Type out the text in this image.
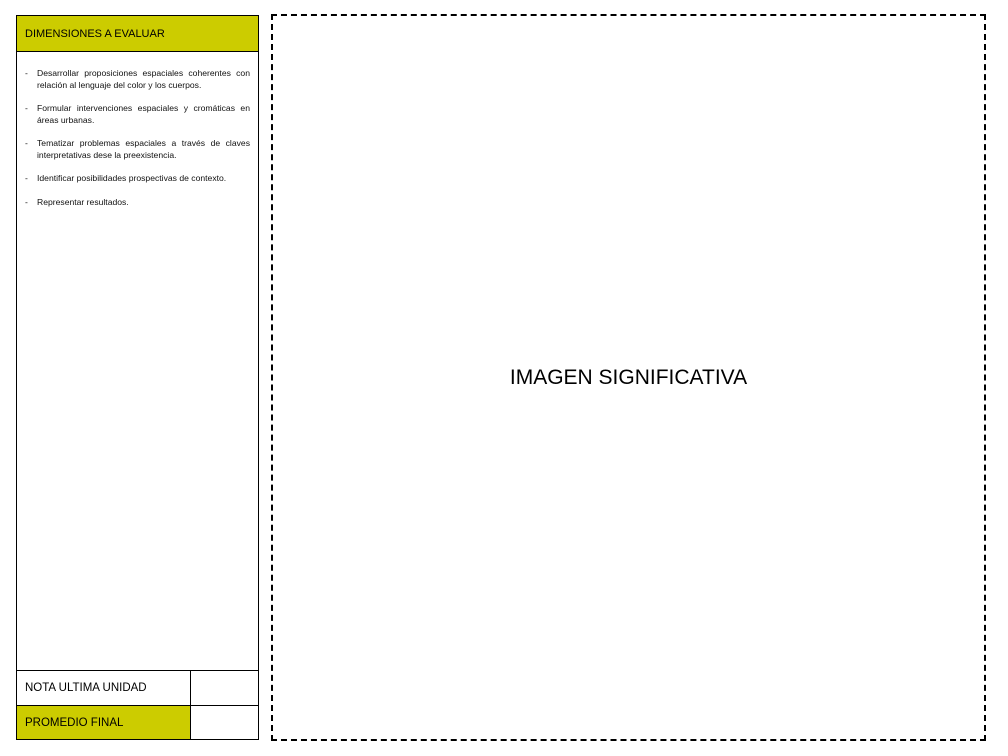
DIMENSIONES A EVALUAR
-	Desarrollar proposiciones espaciales coherentes con relación al lenguaje del color y los cuerpos.
-	Formular intervenciones espaciales y cromáticas en áreas urbanas.
-	Tematizar problemas espaciales a través de claves interpretativas dese la preexistencia.
-	Identificar posibilidades prospectivas de contexto.
-	Representar resultados.
NOTA ULTIMA UNIDAD
PROMEDIO FINAL
IMAGEN SIGNIFICATIVA
